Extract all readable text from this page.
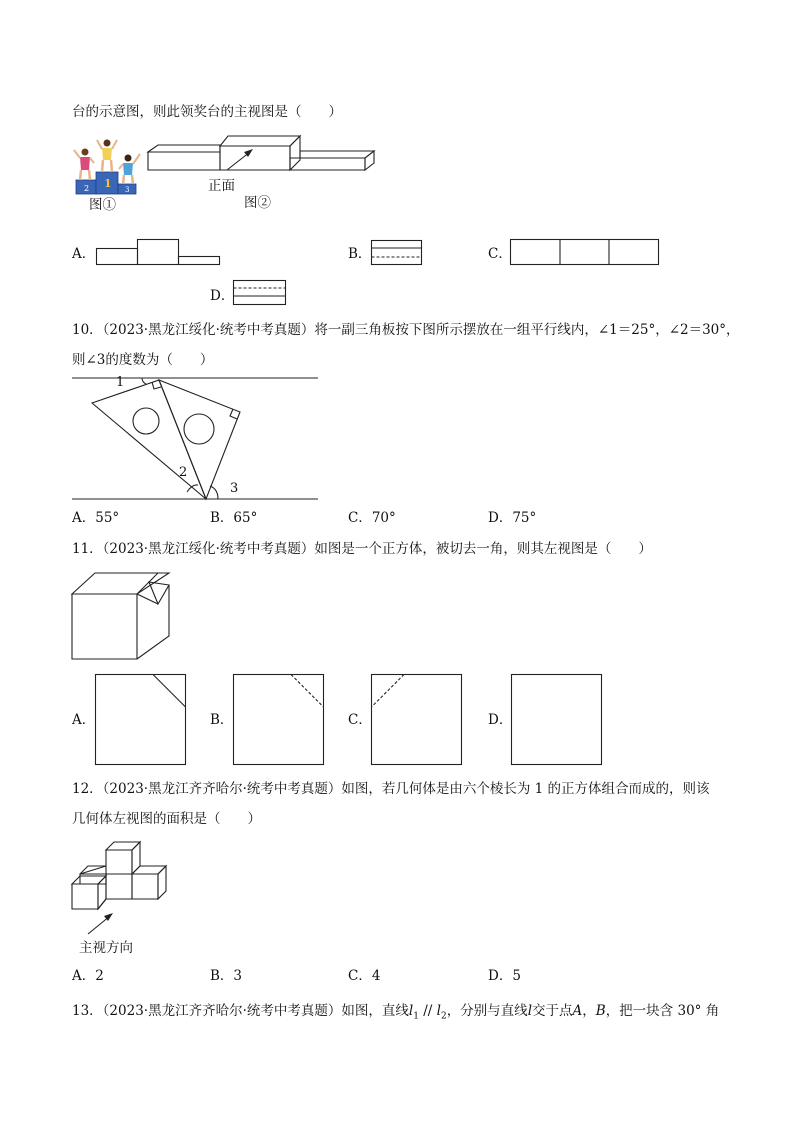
台的示意图，则此领奖台的主视图是（　　）
2 1 3
图①
正面
图②
A．	B．	C．
D．
10．（2023·黑龙江绥化·统考中考真题）将一副三角板按下图所示摆放在一组平行线内，∠1＝25°，∠2＝30°，
则∠3的度数为（　　）
1
2
3
A．55°	B．65°	C．70°	D．75°
11．（2023·黑龙江绥化·统考中考真题）如图是一个正方体，被切去一角，则其左视图是（　　）
A．	B．	C．	D．
12．（2023·黑龙江齐齐哈尔·统考中考真题）如图，若几何体是由六个棱长为 1 的正方体组合而成的，则该
几何体左视图的面积是（　　）
主视方向
A．2	B．3	C．4	D．5
13．（2023·黑龙江齐齐哈尔·统考中考真题）如图，直线$l_1 // l_2$，分别与直线l交于点A，B，把一块含 30° 角
